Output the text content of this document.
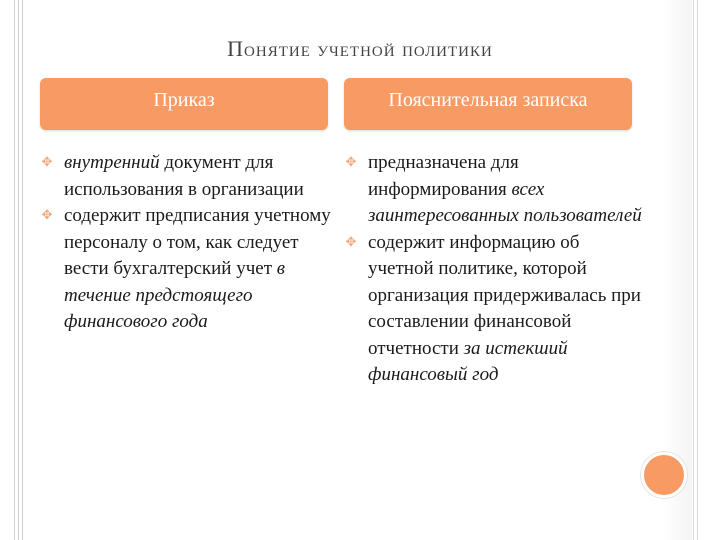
Понятие учетной политики
Приказ	Пояснительная записка
✥ внутренний документ для использования в организации
✥ содержит предписания учетному персоналу о том, как следует вести бухгалтерский учет в течение предстоящего финансового года
✥ предназначена для информирования всех заинтересованных пользователей
✥ содержит информацию об учетной политике, которой организация придерживалась при составлении финансовой отчетности за истекший финансовый год
